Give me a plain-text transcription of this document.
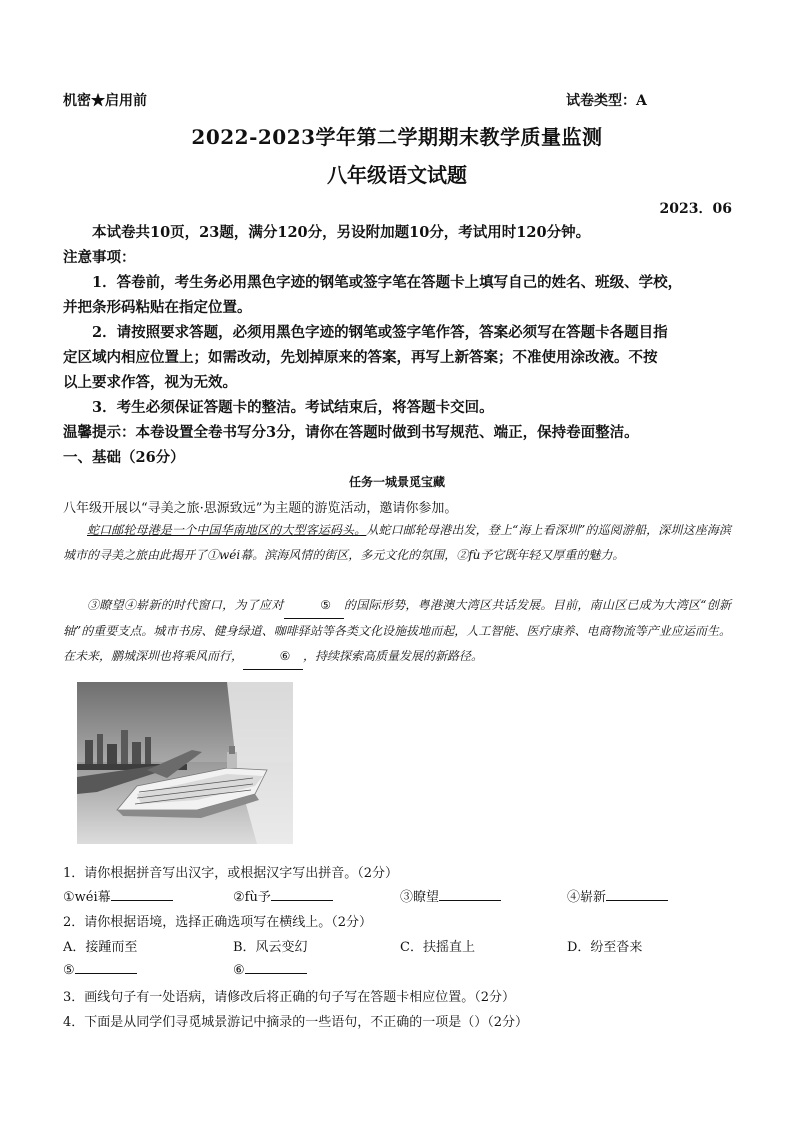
机密★启用前	试卷类型：A
2022-2023学年第二学期期末教学质量监测
八年级语文试题
2023．06
本试卷共10页，23题，满分120分，另设附加题10分，考试用时120分钟。
注意事项：
1．答卷前，考生务必用黑色字迹的钢笔或签字笔在答题卡上填写自己的姓名、班级、学校，
并把条形码粘贴在指定位置。
2．请按照要求答题，必须用黑色字迹的钢笔或签字笔作答，答案必须写在答题卡各题目指
定区域内相应位置上；如需改动，先划掉原来的答案，再写上新答案；不准使用涂改液。不按
以上要求作答，视为无效。
3．考生必须保证答题卡的整洁。考试结束后，将答题卡交回。
温馨提示：本卷设置全卷书写分3分，请你在答题时做到书写规范、端正，保持卷面整洁。
一、基础（26分）
任务一城景觅宝藏
八年级开展以“寻美之旅·思源致远”为主题的游览活动，邀请你参加。

蛇口邮轮母港是一个中国华南地区的大型客运码头。从蛇口邮轮母港出发，登上“海上看深圳”的巡阅游船，深圳这座海滨城市的寻美之旅由此揭开了①wéi幕。滨海风情的街区，多元文化的氛围，②fù予它既年轻又厚重的魅力。

③瞭望④崭新的时代窗口，为了应对	⑤ 的国际形势，粤港澳大湾区共话发展。目前，南山区已成为大湾区“创新轴”的重要支点。城市书房、健身绿道、咖啡驿站等各类文化设施拔地而起，人工智能、医疗康养、电商物流等产业应运而生。在未来，鹏城深圳也将乘风而行，	⑥ ，持续探索高质量发展的新路径。

1．请你根据拼音写出汉字，或根据汉字写出拼音。（2分）
①wéi幕	②fù予	③瞭望	④崭新
2．请你根据语境，选择正确选项写在横线上。（2分）
A．接踵而至	B．风云变幻	C．扶摇直上	D．纷至沓来
⑤	⑥
3．画线句子有一处语病，请修改后将正确的句子写在答题卡相应位置。（2分）
4．下面是从同学们寻觅城景游记中摘录的一些语句，不正确的一项是（）（2分）
